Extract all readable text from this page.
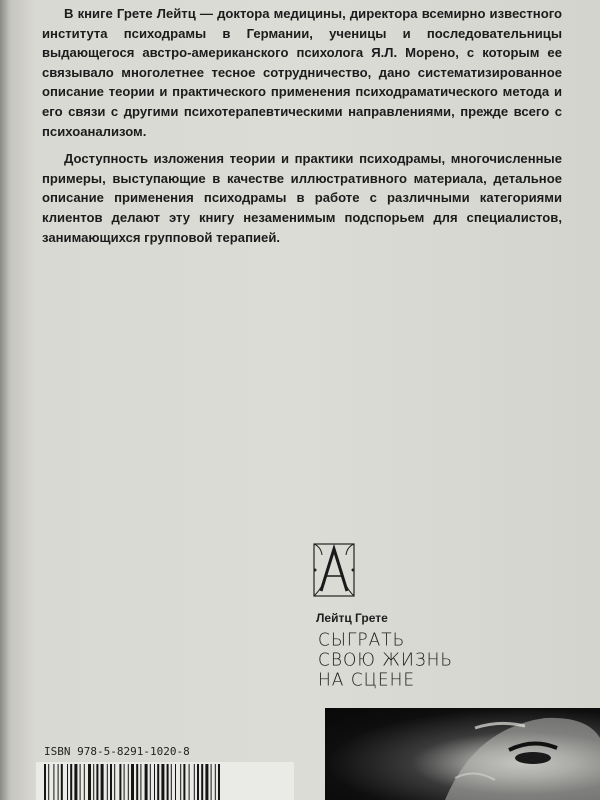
В книге Грете Лейтц — доктора медицины, директора всемирно известного института психодрамы в Германии, ученицы и последовательницы выдающегося австро-американского психолога Я.Л. Морено, с которым ее связывало многолетнее тесное сотрудничество, дано систематизированное описание теории и практического применения психодраматического метода и его связи с другими психотерапевтическими направлениями, прежде всего с психоанализом.

Доступность изложения теории и практики психодрамы, многочисленные примеры, выступающие в качестве иллюстративного материала, детальное описание применения психодрамы в работе с различными категориями клиентов делают эту книгу незаменимым подспорьем для специалистов, занимающихся групповой терапией.

Лейтц Грете
СЫГРАТЬ
СВОЮ ЖИЗНЬ
НА СЦЕНЕ
ISBN 978-5-8291-1020-8
